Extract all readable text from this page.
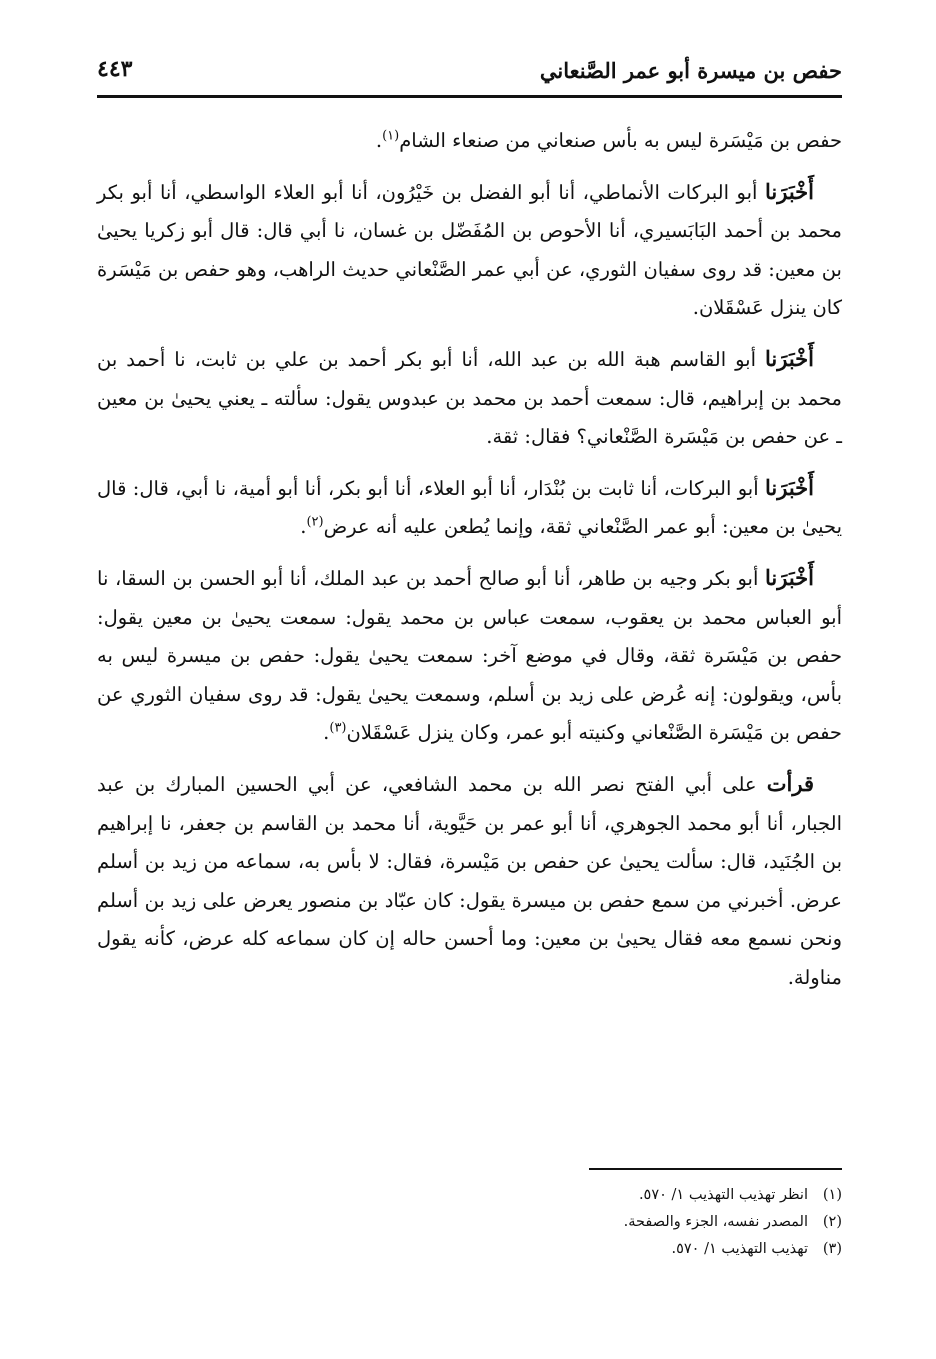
حفص بن ميسرة أبو عمر الصَّنعاني
٤٤٣

حفص بن مَيْسَرة ليس به بأس صنعاني من صنعاء الشام$^{(١)}$.

أَخْبَرَنا أبو البركات الأنماطي، أنا أبو الفضل بن خَيْرُون، أنا أبو العلاء الواسطي، أنا أبو بكر محمد بن أحمد البَابَسيري، أنا الأحوص بن المُفَضّل بن غسان، نا أبي قال: قال أبو زكريا يحيىٰ بن معين: قد روى سفيان الثوري، عن أبي عمر الصَّنْعاني حديث الراهب، وهو حفص بن مَيْسَرة كان ينزل عَسْقَلان.

أَخْبَرَنا أبو القاسم هبة الله بن عبد الله، أنا أبو بكر أحمد بن علي بن ثابت، نا أحمد بن محمد بن إبراهيم، قال: سمعت أحمد بن محمد بن عبدوس يقول: سألته ـ يعني يحيىٰ بن معين ـ عن حفص بن مَيْسَرة الصَّنْعاني؟ فقال: ثقة.

أَخْبَرَنا أبو البركات، أنا ثابت بن بُنْدَار، أنا أبو العلاء، أنا أبو بكر، أنا أبو أمية، نا أبي، قال: قال يحيىٰ بن معين: أبو عمر الصَّنْعاني ثقة، وإنما يُطعن عليه أنه عرض$^{(٢)}$.

أَخْبَرَنا أبو بكر وجيه بن طاهر، أنا أبو صالح أحمد بن عبد الملك، أنا أبو الحسن بن السقا، نا أبو العباس محمد بن يعقوب، سمعت عباس بن محمد يقول: سمعت يحيىٰ بن معين يقول: حفص بن مَيْسَرة ثقة، وقال في موضع آخر: سمعت يحيىٰ يقول: حفص بن ميسرة ليس به بأس، ويقولون: إنه عُرض على زيد بن أسلم، وسمعت يحيىٰ يقول: قد روى سفيان الثوري عن حفص بن مَيْسَرة الصَّنْعاني وكنيته أبو عمر، وكان ينزل عَسْقَلان$^{(٣)}$.

قرأت على أبي الفتح نصر الله بن محمد الشافعي، عن أبي الحسين المبارك بن عبد الجبار، أنا أبو محمد الجوهري، أنا أبو عمر بن حَيَّوية، أنا محمد بن القاسم بن جعفر، نا إبراهيم بن الجُنَيد، قال: سألت يحيىٰ عن حفص بن مَيْسرة، فقال: لا بأس به، سماعه من زيد بن أسلم عرض. أخبرني من سمع حفص بن ميسرة يقول: كان عبّاد بن منصور يعرض على زيد بن أسلم ونحن نسمع معه فقال يحيىٰ بن معين: وما أحسن حاله إن كان سماعه كله عرض، كأنه يقول مناولة.

(١)انظر تهذيب التهذيب ١/ ٥٧٠.
(٢)المصدر نفسه، الجزء والصفحة.
(٣)تهذيب التهذيب ١/ ٥٧٠.
